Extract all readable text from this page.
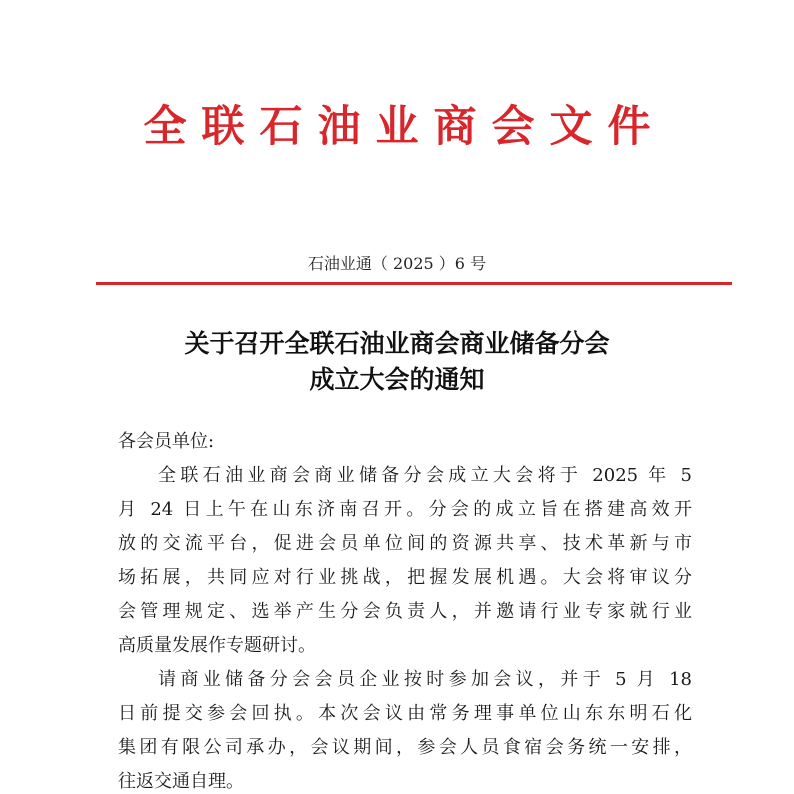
全联石油业商会文件
石油业通（ 2025 ）6 号
关于召开全联石油业商会商业储备分会
成立大会的通知
各会员单位:
全联石油业商会商业储备分会成立大会将于 2025 年 5
月 24 日上午在山东济南召开。分会的成立旨在搭建高效开
放的交流平台，促进会员单位间的资源共享、技术革新与市
场拓展，共同应对行业挑战，把握发展机遇。大会将审议分
会管理规定、选举产生分会负责人，并邀请行业专家就行业
高质量发展作专题研讨。
请商业储备分会会员企业按时参加会议，并于 5 月 18
日前提交参会回执。本次会议由常务理事单位山东东明石化
集团有限公司承办，会议期间，参会人员食宿会务统一安排，
往返交通自理。
